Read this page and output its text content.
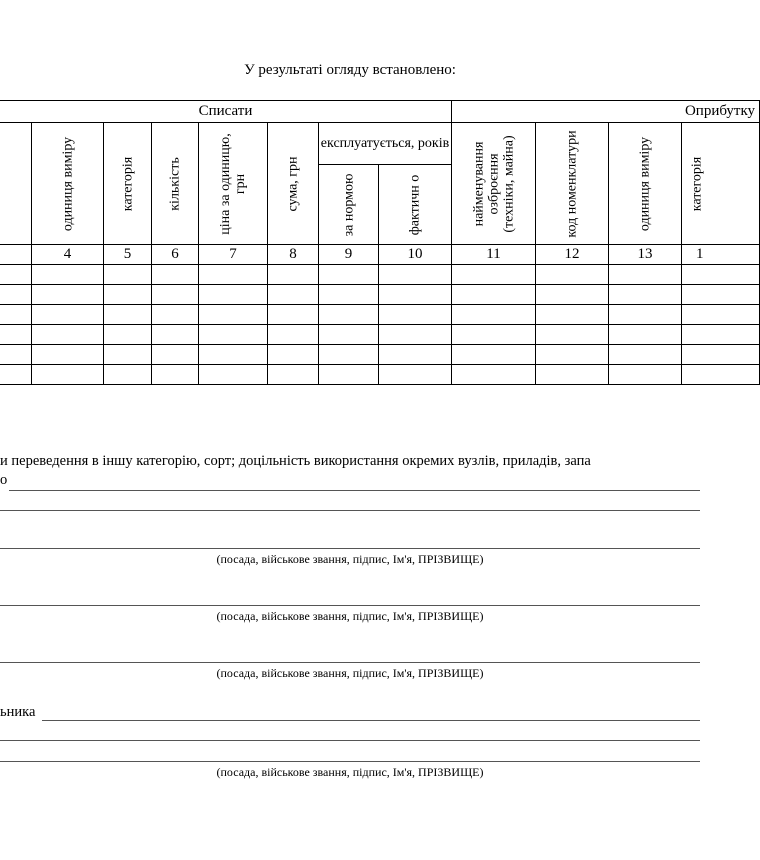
У результаті огляду встановлено:
Списати								Оприбутку			

	одиниця виміру	категорія	кількість	ціна за одиницю, грн	сума, грн	експлуатується, років		найменування озброєння (техніки, майна)	код номенклатури	одиниця виміру	категорія

						за нормою	фактичн о				

	4	5	6	7	8	9	10	11	12	13	1

и переведення в іншу категорію, сорт; доцільність використання окремих вузлів, приладів, запа
о
(посада, військове звання, підпис, Ім'я, ПРІЗВИЩЕ)
(посада, військове звання, підпис, Ім'я, ПРІЗВИЩЕ)
(посада, військове звання, підпис, Ім'я, ПРІЗВИЩЕ)
ьника
(посада, військове звання, підпис, Ім'я, ПРІЗВИЩЕ)
